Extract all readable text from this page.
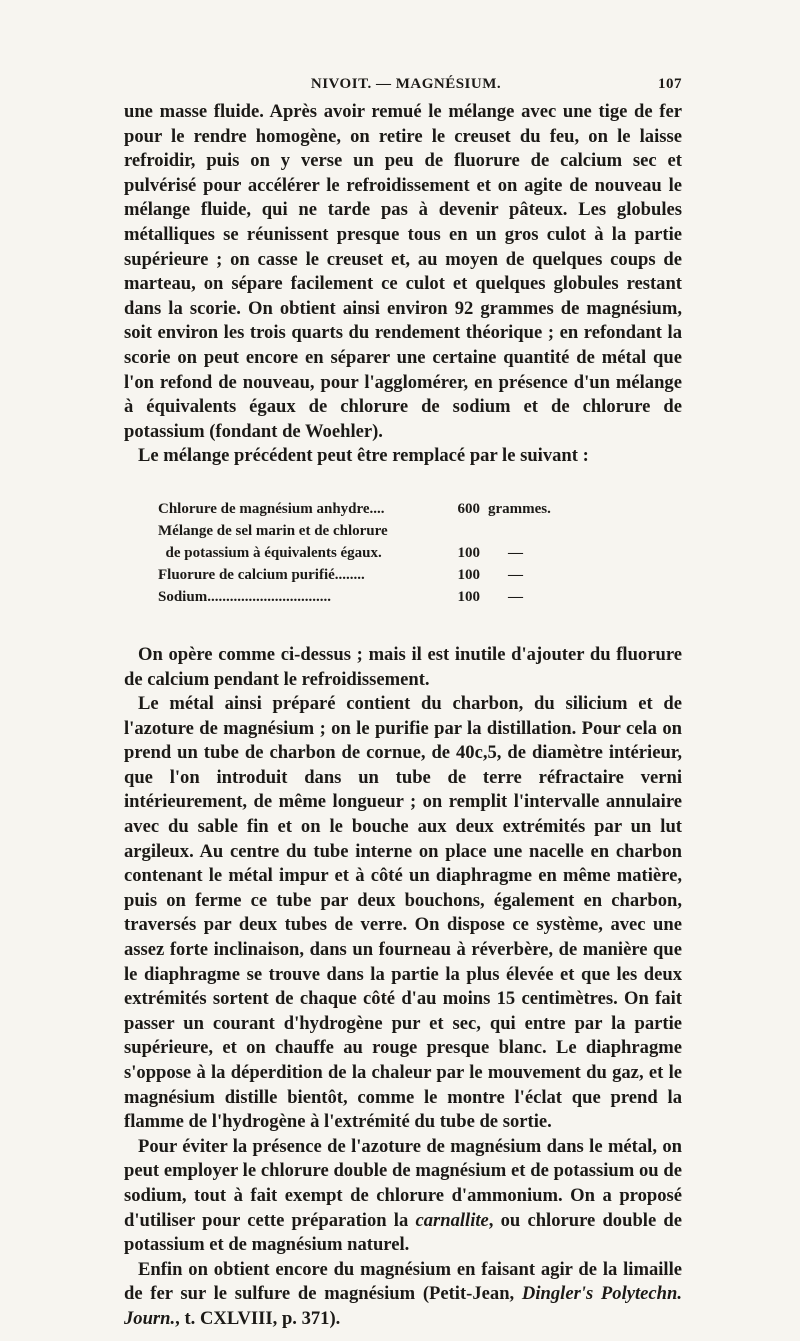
NIVOIT. — MAGNÉSIUM.	107

une masse fluide. Après avoir remué le mélange avec une tige de fer pour le rendre homogène, on retire le creuset du feu, on le laisse refroidir, puis on y verse un peu de fluorure de calcium sec et pulvérisé pour accélérer le refroidissement et on agite de nouveau le mélange fluide, qui ne tarde pas à devenir pâteux. Les globules métalliques se réunissent presque tous en un gros culot à la partie supérieure ; on casse le creuset et, au moyen de quelques coups de marteau, on sépare facilement ce culot et quelques globules restant dans la scorie. On obtient ainsi environ 92 grammes de magnésium, soit environ les trois quarts du rendement théorique ; en refondant la scorie on peut encore en séparer une certaine quantité de métal que l'on refond de nouveau, pour l'agglomérer, en présence d'un mélange à équivalents égaux de chlorure de sodium et de chlorure de potassium (fondant de Woehler).

Le mélange précédent peut être remplacé par le suivant :

Chlorure de magnésium anhydre....	600 grammes.
Mélange de sel marin et de chlorure
de potassium à équivalents égaux.	100	—
Fluorure de calcium purifié........	100	—
Sodium.................................	100	—

On opère comme ci-dessus ; mais il est inutile d'ajouter du fluorure de calcium pendant le refroidissement.

Le métal ainsi préparé contient du charbon, du silicium et de l'azoture de magnésium ; on le purifie par la distillation. Pour cela on prend un tube de charbon de cornue, de 40c,5, de diamètre intérieur, que l'on introduit dans un tube de terre réfractaire verni intérieurement, de même longueur ; on remplit l'intervalle annulaire avec du sable fin et on le bouche aux deux extrémités par un lut argileux. Au centre du tube interne on place une nacelle en charbon contenant le métal impur et à côté un diaphragme en même matière, puis on ferme ce tube par deux bouchons, également en charbon, traversés par deux tubes de verre. On dispose ce système, avec une assez forte inclinaison, dans un fourneau à réverbère, de manière que le diaphragme se trouve dans la partie la plus élevée et que les deux extrémités sortent de chaque côté d'au moins 15 centimètres. On fait passer un courant d'hydrogène pur et sec, qui entre par la partie supérieure, et on chauffe au rouge presque blanc. Le diaphragme s'oppose à la déperdition de la chaleur par le mouvement du gaz, et le magnésium distille bientôt, comme le montre l'éclat que prend la flamme de l'hydrogène à l'extrémité du tube de sortie.

Pour éviter la présence de l'azoture de magnésium dans le métal, on peut employer le chlorure double de magnésium et de potassium ou de sodium, tout à fait exempt de chlorure d'ammonium. On a proposé d'utiliser pour cette préparation la carnallite, ou chlorure double de potassium et de magnésium naturel.

Enfin on obtient encore du magnésium en faisant agir de la limaille de fer sur le sulfure de magnésium (Petit-Jean, Dingler's Polytechn. Journ., t. CXLVIII, p. 371).
